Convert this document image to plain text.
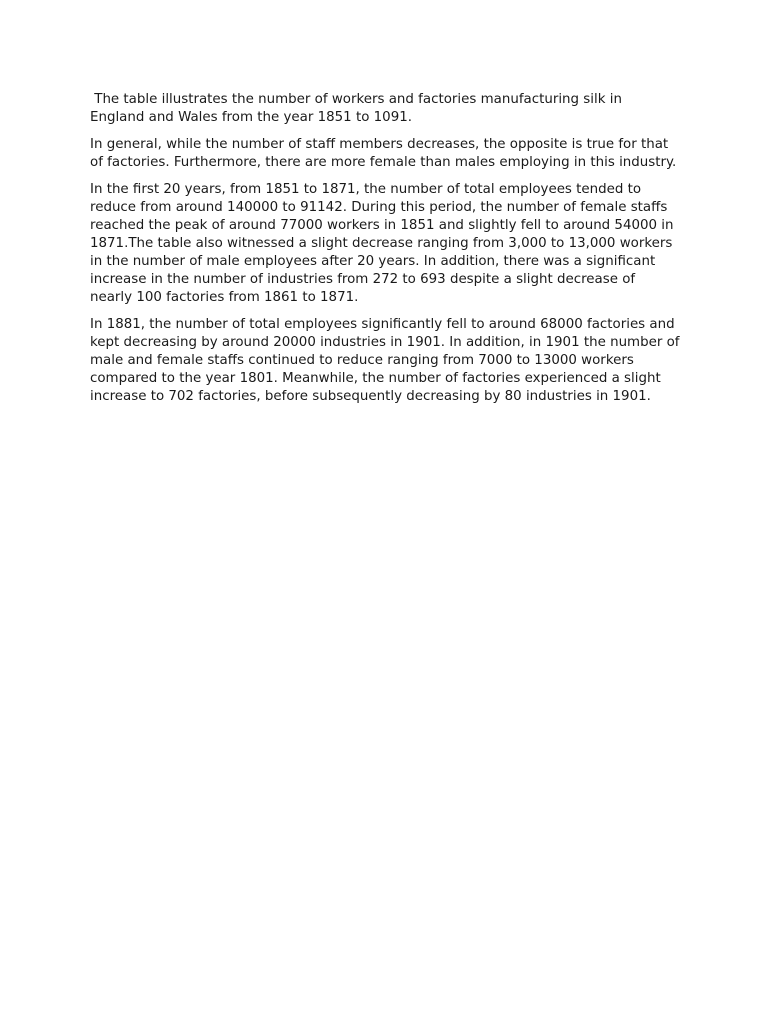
The table illustrates the number of workers and factories manufacturing silk in England and Wales from the year 1851 to 1091.

In general, while the number of staff members decreases, the opposite is true for that of factories. Furthermore, there are more female than males employing in this industry.

In the first 20 years, from 1851 to 1871, the number of total employees tended to reduce from around 140000 to 91142. During this period, the number of female staffs reached the peak of around 77000 workers in 1851 and slightly fell to around 54000 in 1871.The table also witnessed a slight decrease ranging from 3,000 to 13,000 workers in the number of male employees after 20 years. In addition, there was a significant increase in the number of industries from 272 to 693 despite a slight decrease of nearly 100 factories from 1861 to 1871.

In 1881, the number of total employees significantly fell to around 68000 factories and kept decreasing by around 20000 industries in 1901. In addition, in 1901 the number of male and female staffs continued to reduce ranging from 7000 to 13000 workers compared to the year 1801. Meanwhile, the number of factories experienced a slight increase to 702 factories, before subsequently decreasing by 80 industries in 1901.
